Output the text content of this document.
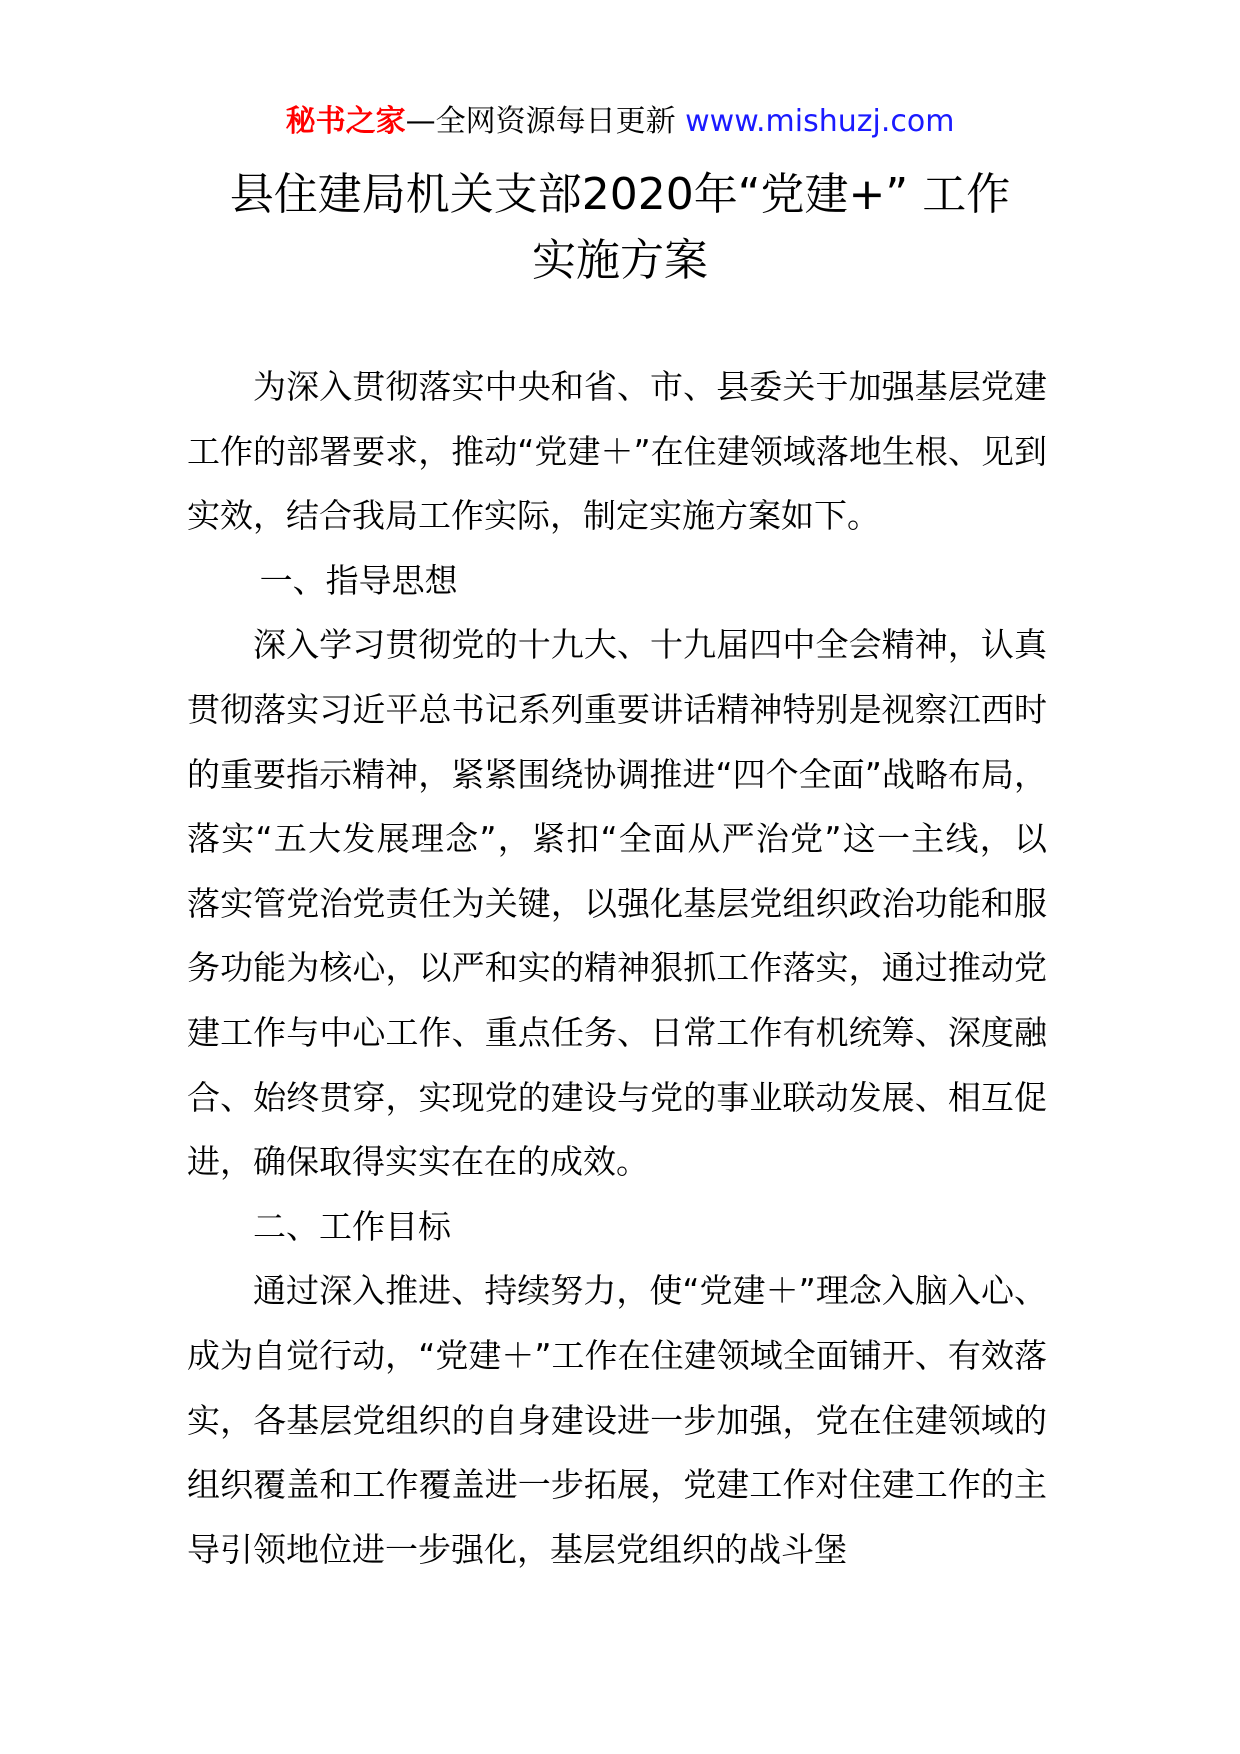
秘书之家—全网资源每日更新 www.mishuzj.com
县住建局机关支部2020年“党建+” 工作
实施方案

为深入贯彻落实中央和省、市、县委关于加强基层党建工作的部署要求，推动“党建＋”在住建领域落地生根、见到实效，结合我局工作实际，制定实施方案如下。

一、指导思想

深入学习贯彻党的十九大、十九届四中全会精神，认真贯彻落实习近平总书记系列重要讲话精神特别是视察江西时的重要指示精神，紧紧围绕协调推进“四个全面”战略布局，落实“五大发展理念”，紧扣“全面从严治党”这一主线，以落实管党治党责任为关键，以强化基层党组织政治功能和服务功能为核心，以严和实的精神狠抓工作落实，通过推动党建工作与中心工作、重点任务、日常工作有机统筹、深度融合、始终贯穿，实现党的建设与党的事业联动发展、相互促进，确保取得实实在在的成效。

二、工作目标

通过深入推进、持续努力，使“党建＋”理念入脑入心、成为自觉行动，“党建＋”工作在住建领域全面铺开、有效落实，各基层党组织的自身建设进一步加强，党在住建领域的组织覆盖和工作覆盖进一步拓展，党建工作对住建工作的主导引领地位进一步强化，基层党组织的战斗堡
